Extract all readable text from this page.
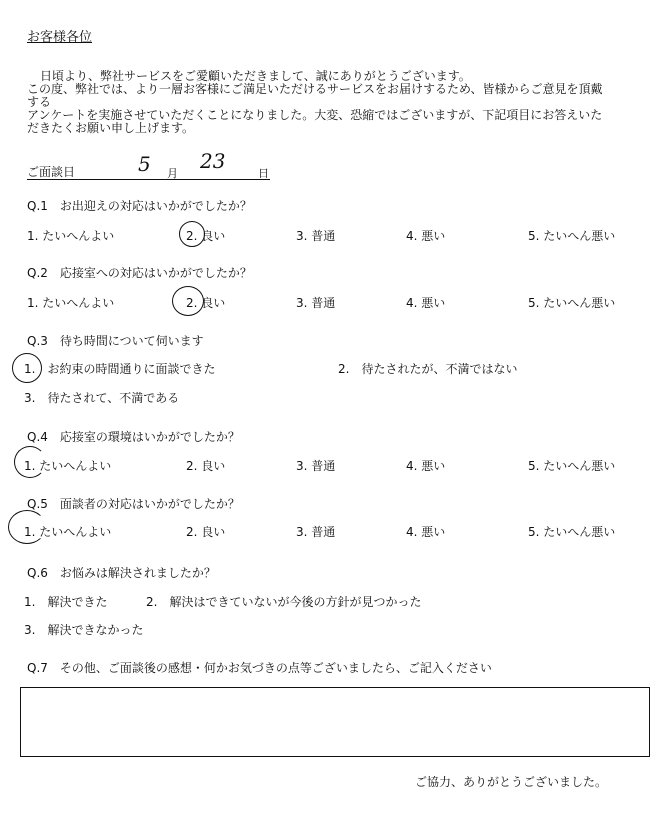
お客様各位
日頃より、弊社サービスをご愛顧いただきまして、誠にありがとうございます。
この度、弊社では、より一層お客様にご満足いただけるサービスをお届けするため、皆様からご意見を頂戴
する
アンケートを実施させていただくことになりました。大変、恐縮ではございますが、下記項目にお答えいた
だきたくお願い申し上げます。
ご面談日	5 月
23
日
Q.1　 お出迎えの対応はいかがでしたか？
1. たいへんよい	2. 良い	3. 普通	4. 悪い	5. たいへん悪い
Q.2　 応接室への対応はいかがでしたか？
1. たいへんよい	2. 良い	3. 普通	4. 悪い	5. たいへん悪い
Q.3　 待ち時間について伺います
1.　お約束の時間通りに面談できた	2.　待たされたが、不満ではない
3.　待たされて、不満である
Q.4　 応接室の環境はいかがでしたか？
1. たいへんよい	2. 良い	3. 普通	4. 悪い	5. たいへん悪い
Q.5　 面談者の対応はいかがでしたか？
1. たいへんよい	2. 良い	3. 普通	4. 悪い	5. たいへん悪い
Q.6　 お悩みは解決されましたか？
1.　解決できた	2.　解決はできていないが今後の方針が見つかった
3.　解決できなかった
Q.7　 その他、ご面談後の感想・何かお気づきの点等ございましたら、ご記入ください
ご協力、ありがとうございました。
